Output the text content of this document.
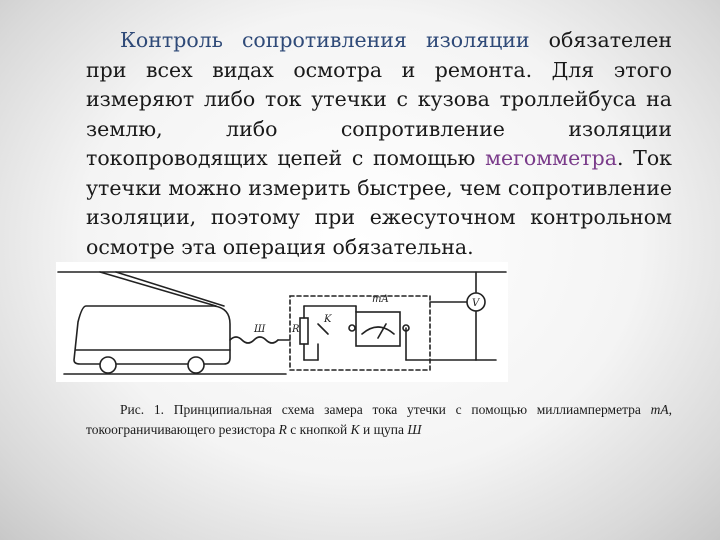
Контроль сопротивления изоляции обязателен при всех видах осмотра и ремонта. Для этого измеряют либо ток утечки с кузова троллейбуса на землю, либо сопротивление изоляции токопроводящих цепей с помощью мегомметра. Ток утечки можно измерить быстрее, чем сопротивление изоляции, поэтому при ежесуточном контрольном осмотре эта операция обязательна.

mA
K
R
Ш
V

Рис. 1. Принципиальная схема замера тока утечки с помощью миллиамперметра mA, токоограничивающего резистора R с кнопкой K и щупа Ш
